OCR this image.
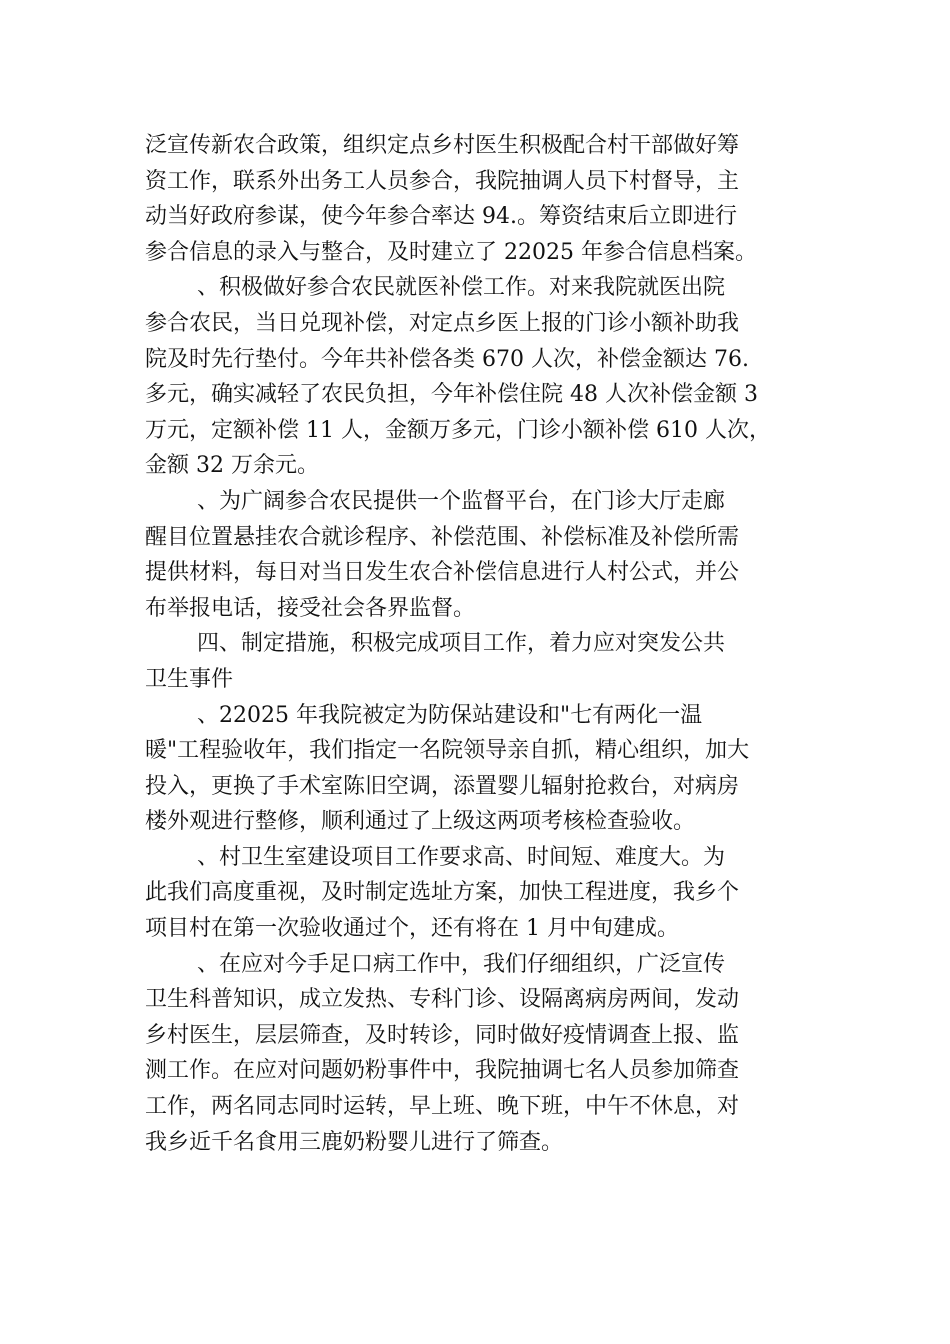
泛宣传新农合政策，组织定点乡村医生积极配合村干部做好筹
资工作，联系外出务工人员参合，我院抽调人员下村督导，主
动当好政府参谋，使今年参合率达 94.。筹资结束后立即进行
参合信息的录入与整合，及时建立了 22025 年参合信息档案。

、积极做好参合农民就医补偿工作。对来我院就医出院
参合农民，当日兑现补偿，对定点乡医上报的门诊小额补助我
院及时先行垫付。今年共补偿各类 670 人次，补偿金额达 76.
多元，确实减轻了农民负担，今年补偿住院 48 人次补偿金额 3
万元，定额补偿 11 人，金额万多元，门诊小额补偿 610 人次，
金额 32 万余元。

、为广阔参合农民提供一个监督平台，在门诊大厅走廊
醒目位置悬挂农合就诊程序、补偿范围、补偿标准及补偿所需
提供材料，每日对当日发生农合补偿信息进行人村公式，并公
布举报电话，接受社会各界监督。

四、制定措施，积极完成项目工作，着力应对突发公共
卫生事件

、22025 年我院被定为防保站建设和"七有两化一温
暖"工程验收年，我们指定一名院领导亲自抓，精心组织，加大
投入，更换了手术室陈旧空调，添置婴儿辐射抢救台，对病房
楼外观进行整修，顺利通过了上级这两项考核检查验收。

、村卫生室建设项目工作要求高、时间短、难度大。为
此我们高度重视，及时制定选址方案，加快工程进度，我乡个
项目村在第一次验收通过个，还有将在 1 月中旬建成。

、在应对今手足口病工作中，我们仔细组织，广泛宣传
卫生科普知识，成立发热、专科门诊、设隔离病房两间，发动
乡村医生，层层筛查，及时转诊，同时做好疫情调查上报、监
测工作。在应对问题奶粉事件中，我院抽调七名人员参加筛查
工作，两名同志同时运转，早上班、晚下班，中午不休息，对
我乡近千名食用三鹿奶粉婴儿进行了筛查。
